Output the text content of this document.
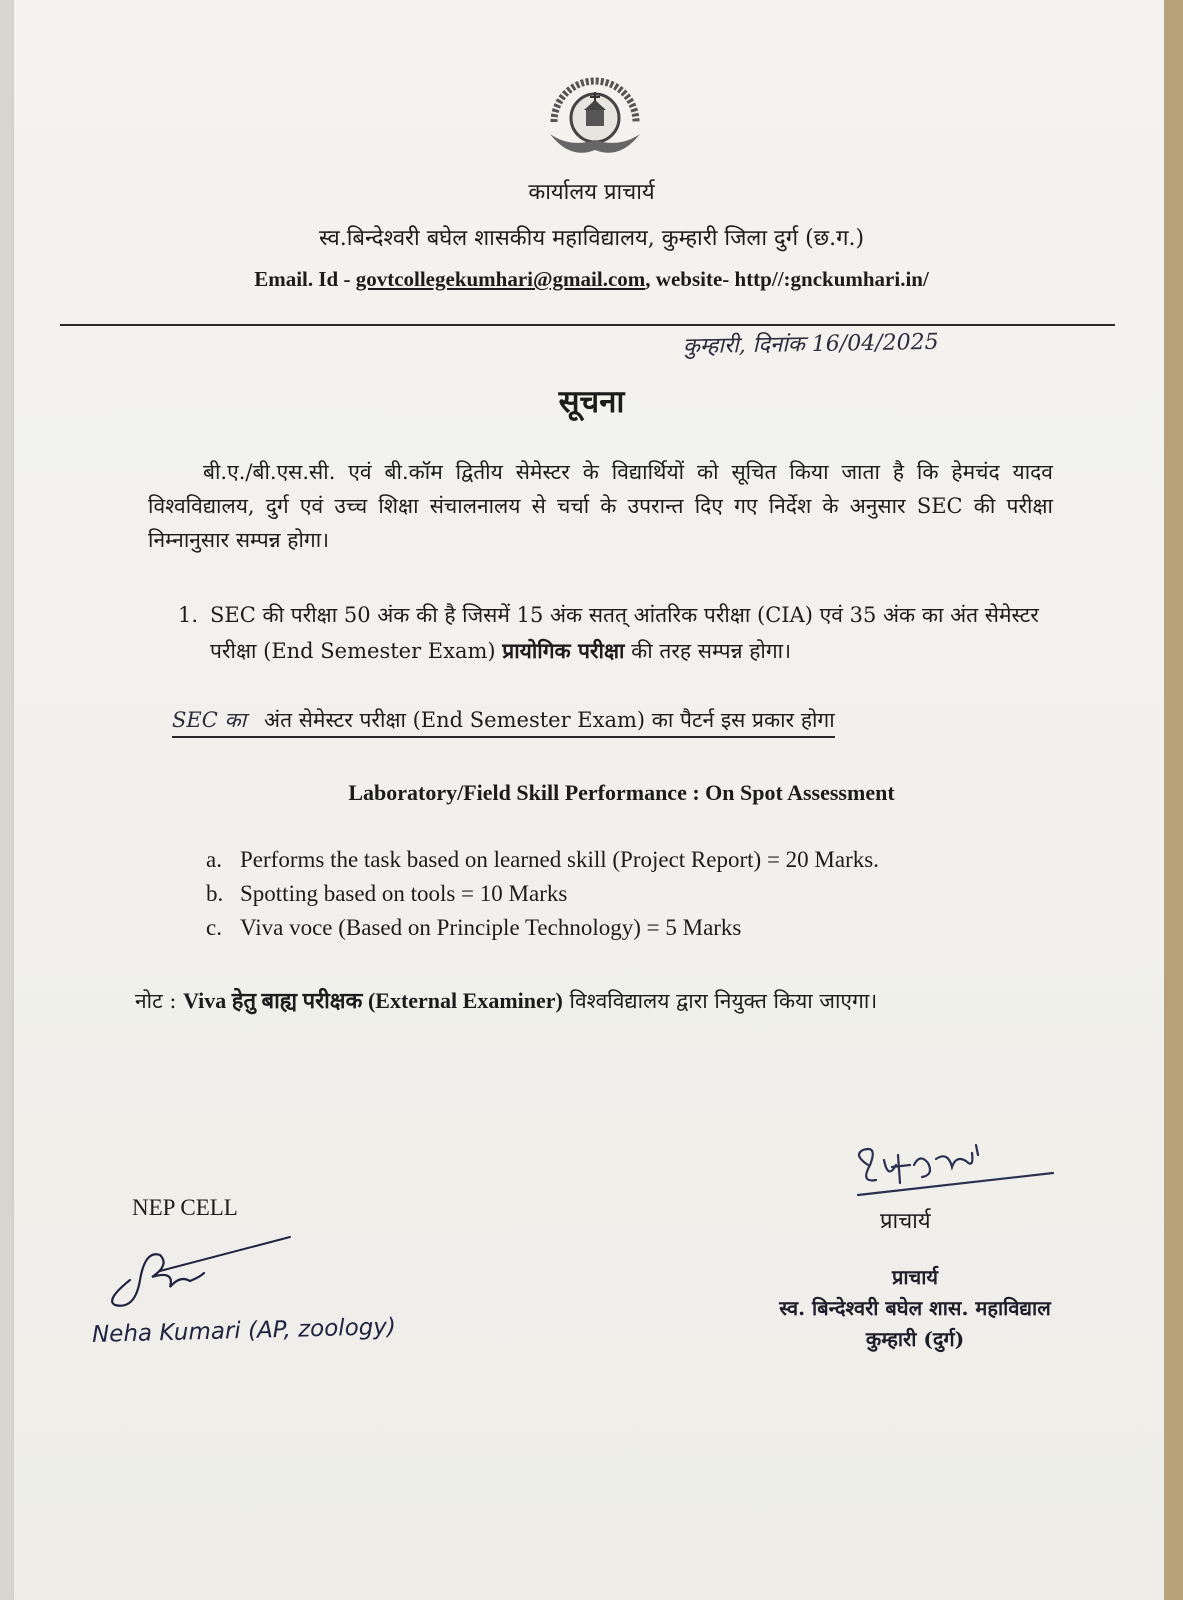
कार्यालय प्राचार्य
स्व.बिन्देश्वरी बघेल शासकीय महाविद्यालय, कुम्हारी जिला दुर्ग (छ.ग.)
Email. Id - govtcollegekumhari@gmail.com, website- http//:gnckumhari.in/
कुम्हारी, दिनांक 16/04/2025
सूचना
बी.ए./बी.एस.सी. एवं बी.कॉम द्वितीय सेमेस्टर के विद्यार्थियों को सूचित किया जाता है कि हेमचंद यादव विश्वविद्यालय, दुर्ग एवं उच्च शिक्षा संचालनालय से चर्चा के उपरान्त दिए गए निर्देश के अनुसार SEC की परीक्षा निम्नानुसार सम्पन्न होगा।
1. SEC की परीक्षा 50 अंक की है जिसमें 15 अंक सतत् आंतरिक परीक्षा (CIA) एवं 35 अंक का अंत सेमेस्टर परीक्षा (End Semester Exam) प्रायोगिक परीक्षा की तरह सम्पन्न होगा।
SEC का अंत सेमेस्टर परीक्षा (End Semester Exam) का पैटर्न इस प्रकार होगा
Laboratory/Field Skill Performance : On Spot Assessment
a. Performs the task based on learned skill (Project Report) = 20 Marks.
b. Spotting based on tools = 10 Marks
c. Viva voce (Based on Principle Technology) = 5 Marks
नोट : Viva हेतु बाह्य परीक्षक (External Examiner) विश्वविद्यालय द्वारा नियुक्त किया जाएगा।
NEP CELL
Neha Kumari (AP, zoology)
प्राचार्य
प्राचार्य
स्व. बिन्देश्वरी बघेल शास. महाविद्याल
कुम्हारी (दुर्ग)
